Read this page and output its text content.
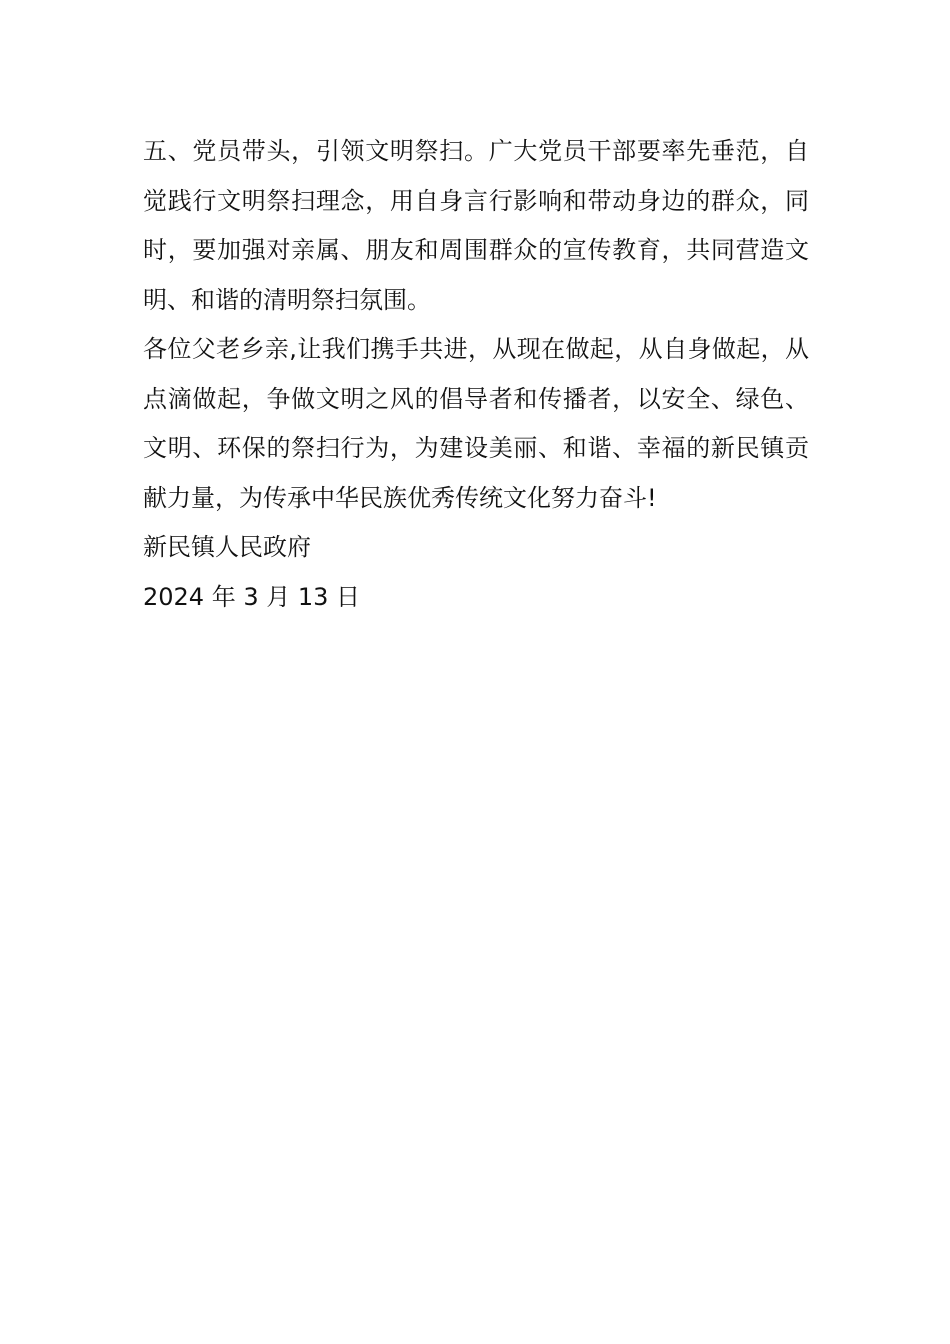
五、党员带头，引领文明祭扫。广大党员干部要率先垂范，自
觉践行文明祭扫理念，用自身言行影响和带动身边的群众，同
时，要加强对亲属、朋友和周围群众的宣传教育，共同营造文
明、和谐的清明祭扫氛围。
各位父老乡亲,让我们携手共进，从现在做起，从自身做起，从
点滴做起，争做文明之风的倡导者和传播者，以安全、绿色、
文明、环保的祭扫行为，为建设美丽、和谐、幸福的新民镇贡
献力量，为传承中华民族优秀传统文化努力奋斗!
新民镇人民政府
2024 年 3 月 13 日
